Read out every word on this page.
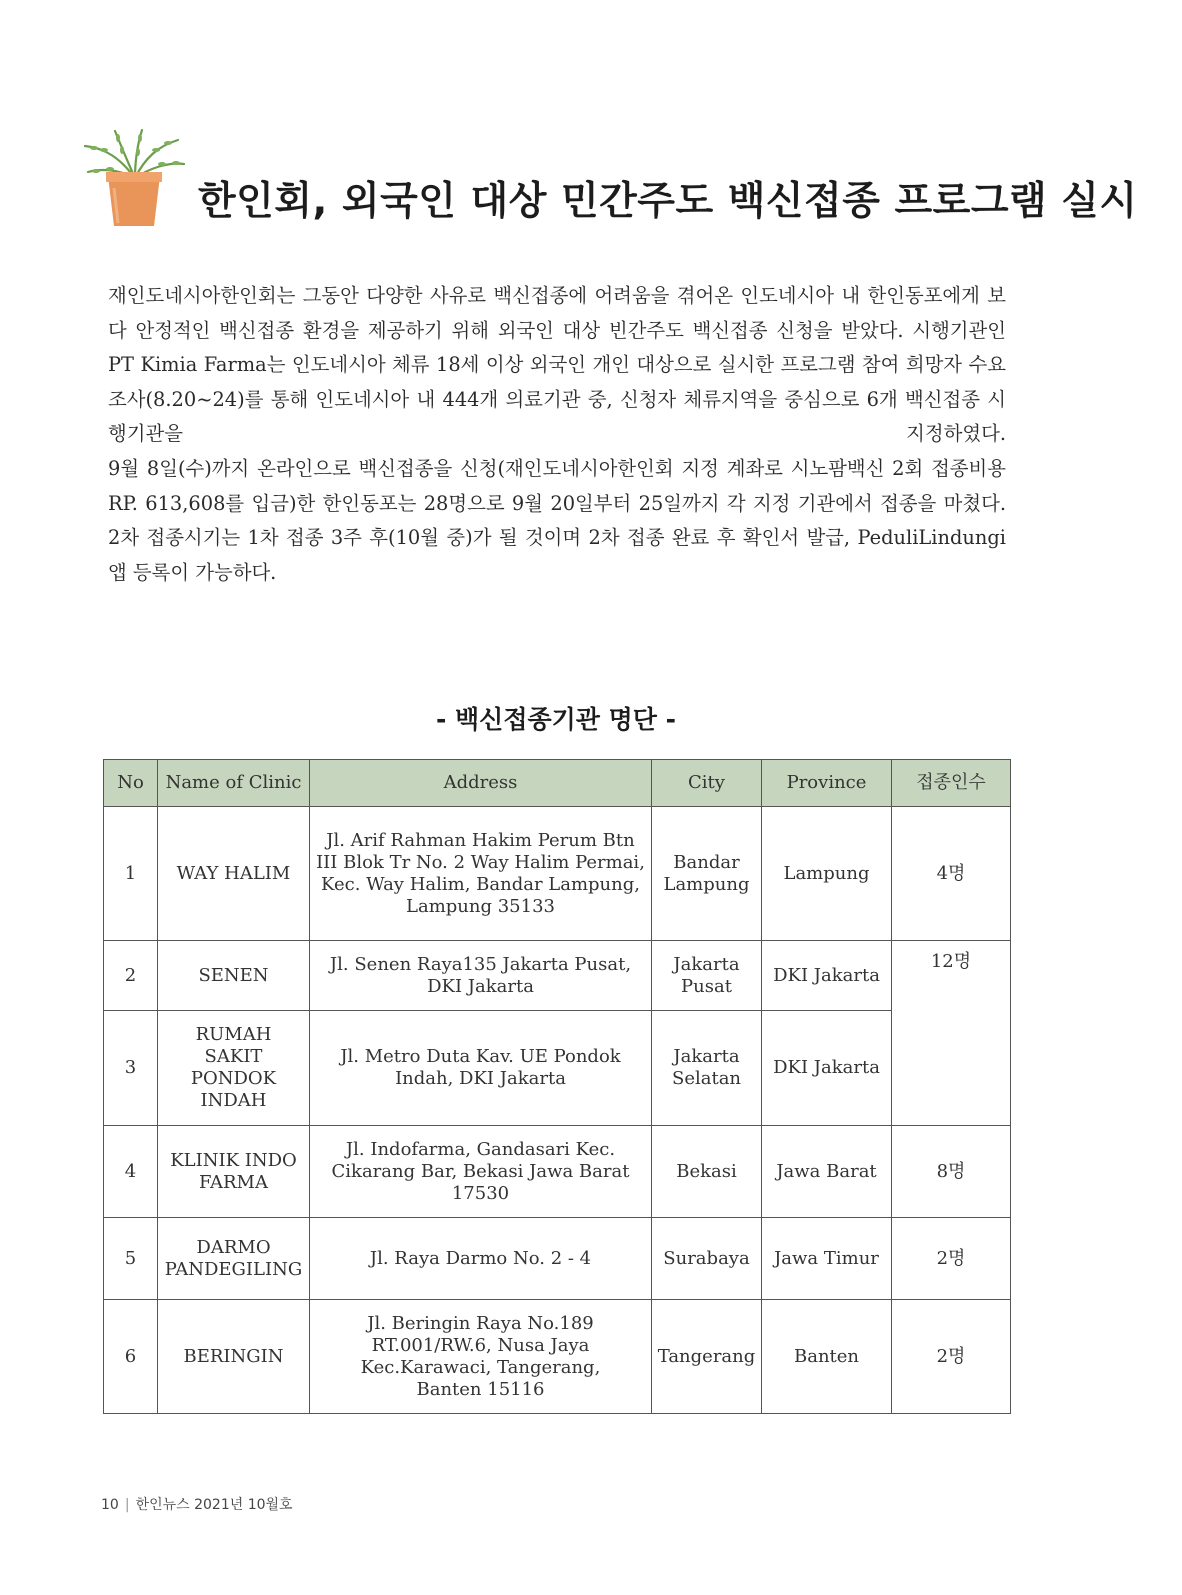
한인회, 외국인 대상 민간주도 백신접종 프로그램 실시

재인도네시아한인회는 그동안 다양한 사유로 백신접종에 어려움을 겪어온 인도네시아 내 한인동포에게 보다 안정적인 백신접종 환경을 제공하기 위해 외국인 대상 빈간주도 백신접종 신청을 받았다. 시행기관인 PT Kimia Farma는 인도네시아 체류 18세 이상 외국인 개인 대상으로 실시한 프로그램 참여 희망자 수요조사(8.20~24)를 통해 인도네시아 내 444개 의료기관 중, 신청자 체류지역을 중심으로 6개 백신접종 시행기관을 지정하였다.

9월 8일(수)까지 온라인으로 백신접종을 신청(재인도네시아한인회 지정 계좌로 시노팜백신 2회 접종비용 RP. 613,608를 입금)한 한인동포는 28명으로 9월 20일부터 25일까지 각 지정 기관에서 접종을 마쳤다.

2차 접종시기는 1차 접종 3주 후(10월 중)가 될 것이며 2차 접종 완료 후 확인서 발급, PeduliLindungi 앱 등록이 가능하다.

- 백신접종기관 명단 -
No	Name of Clinic	Address	City	Province	접종인수
1	WAY HALIM	Jl. Arif Rahman Hakim Perum Btn III Blok Tr No. 2 Way Halim Permai, Kec. Way Halim, Bandar Lampung, Lampung 35133	Bandar Lampung	Lampung	4명
2	SENEN	Jl. Senen Raya135 Jakarta Pusat, DKI Jakarta	Jakarta Pusat	DKI Jakarta	12명
3	RUMAH SAKIT PONDOK INDAH	Jl. Metro Duta Kav. UE Pondok Indah, DKI Jakarta	Jakarta Selatan	DKI Jakarta	
4	KLINIK INDO FARMA	Jl. Indofarma, Gandasari Kec. Cikarang Bar, Bekasi Jawa Barat 17530	Bekasi	Jawa Barat	8명
5	DARMO PANDEGILING	Jl. Raya Darmo No. 2 - 4	Surabaya	Jawa Timur	2명
6	BERINGIN	Jl. Beringin Raya No.189 RT.001/RW.6, Nusa Jaya Kec.Karawaci, Tangerang, Banten 15116	Tangerang	Banten	2명
10 | 한인뉴스 2021년 10월호
